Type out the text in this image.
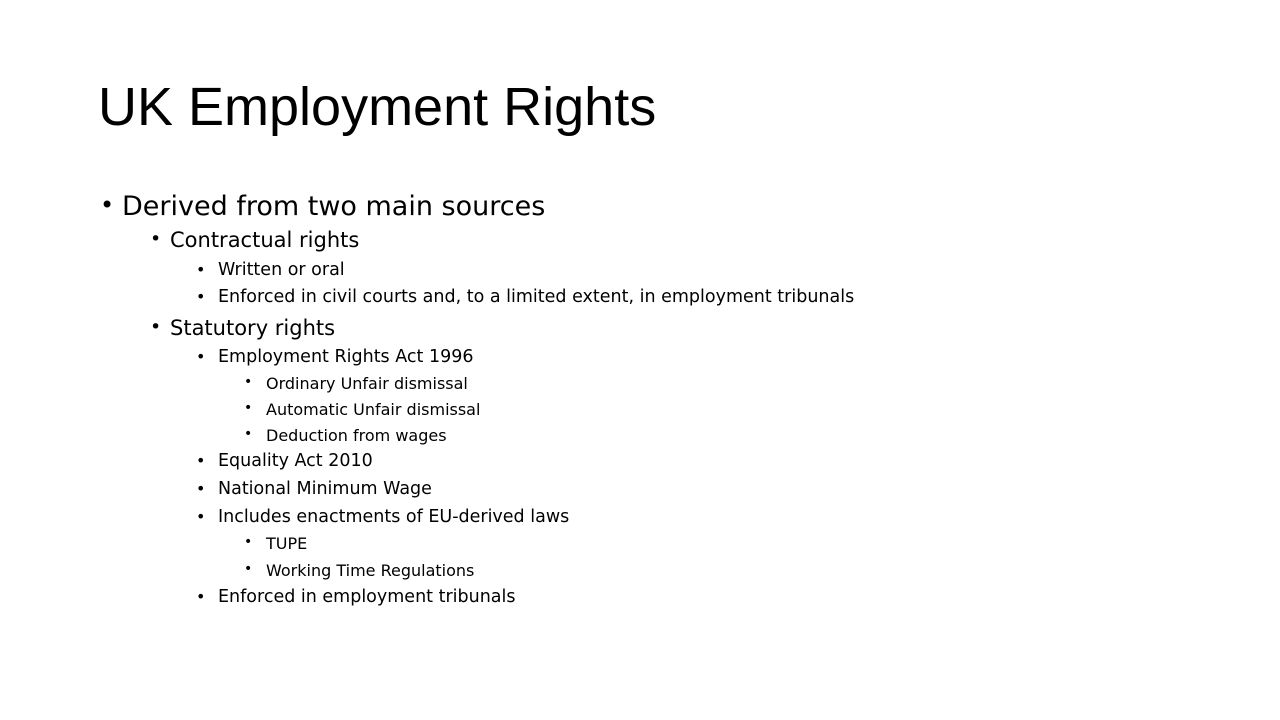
UK Employment Rights
• Derived from two main sources
• Contractual rights
• Written or oral
• Enforced in civil courts and, to a limited extent, in employment tribunals
• Statutory rights
• Employment Rights Act 1996
• Ordinary Unfair dismissal
• Automatic Unfair dismissal
• Deduction from wages
• Equality Act 2010
• National Minimum Wage
• Includes enactments of EU-derived laws
• TUPE
• Working Time Regulations
• Enforced in employment tribunals
